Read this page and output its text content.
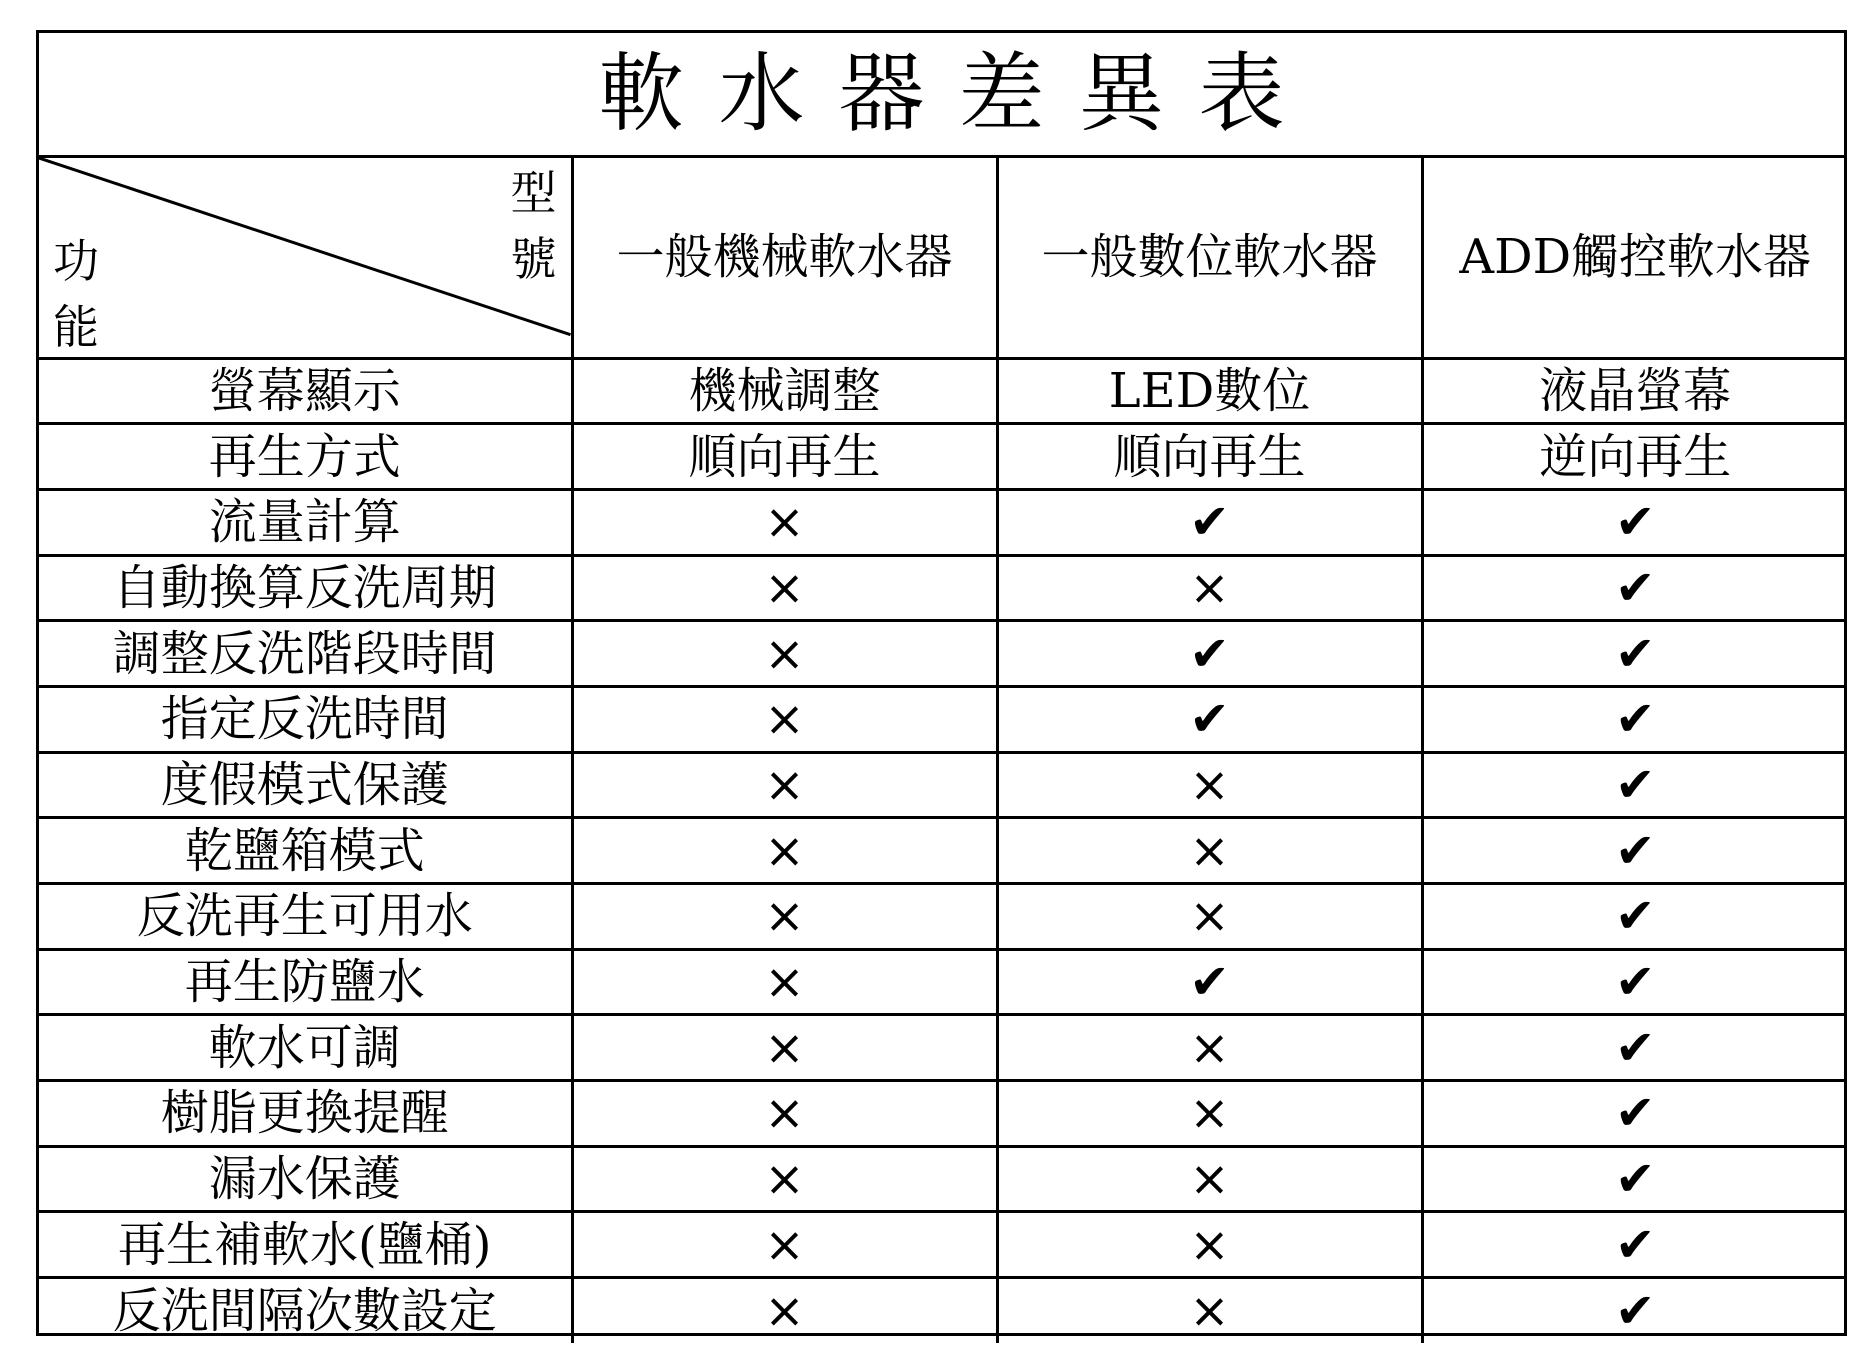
軟水器差異表
型
號
功
能	一般機械軟水器	一般數位軟水器	ADD觸控軟水器
螢幕顯示	機械調整	LED數位	液晶螢幕
再生方式	順向再生	順向再生	逆向再生
流量計算	×	✔	✔
自動換算反洗周期	×	×	✔
調整反洗階段時間	×	✔	✔
指定反洗時間	×	✔	✔
度假模式保護	×	×	✔
乾鹽箱模式	×	×	✔
反洗再生可用水	×	×	✔
再生防鹽水	×	✔	✔
軟水可調	×	×	✔
樹脂更換提醒	×	×	✔
漏水保護	×	×	✔
再生補軟水(鹽桶)	×	×	✔
反洗間隔次數設定	×	×	✔
